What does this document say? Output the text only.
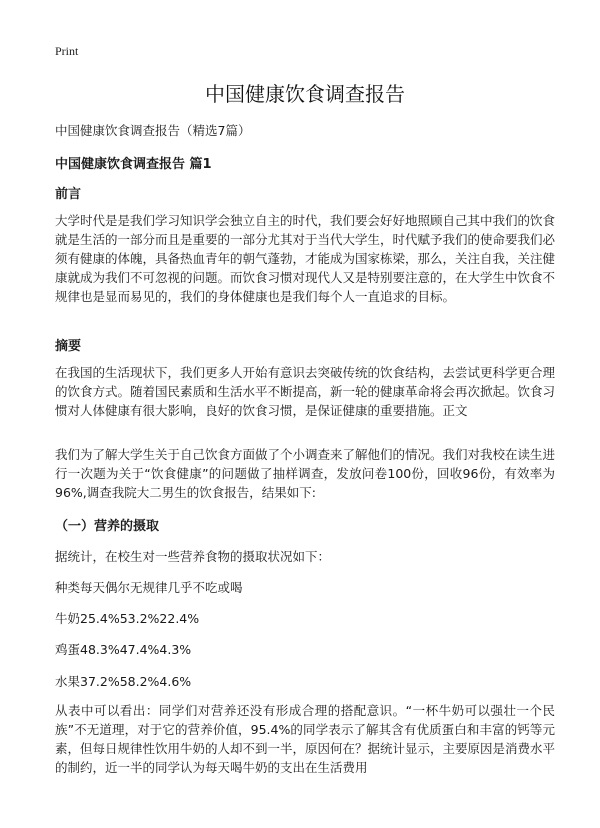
Print
中国健康饮食调查报告
中国健康饮食调查报告（精选7篇）
中国健康饮食调查报告 篇1
前言
大学时代是是我们学习知识学会独立自主的时代，我们要会好好地照顾自己其中我们的饮食就是生活的一部分而且是重要的一部分尤其对于当代大学生，时代赋予我们的使命要我们必须有健康的体魄，具备热血青年的朝气蓬勃，才能成为国家栋梁，那么，关注自我，关注健康就成为我们不可忽视的问题。而饮食习惯对现代人又是特别要注意的，在大学生中饮食不规律也是显而易见的，我们的身体健康也是我们每个人一直追求的目标。
摘要
在我国的生活现状下，我们更多人开始有意识去突破传统的饮食结构，去尝试更科学更合理的饮食方式。随着国民素质和生活水平不断提高，新一轮的健康革命将会再次掀起。饮食习惯对人体健康有很大影响，良好的饮食习惯，是保证健康的重要措施。正文
我们为了解大学生关于自己饮食方面做了个小调查来了解他们的情况。我们对我校在读生进行一次题为关于“饮食健康”的问题做了抽样调查，发放问卷100份，回收96份，有效率为96%,调查我院大二男生的饮食报告，结果如下:
（一）营养的摄取
据统计，在校生对一些营养食物的摄取状况如下：
种类每天偶尔无规律几乎不吃或喝
牛奶25.4%53.2%22.4%
鸡蛋48.3%47.4%4.3%
水果37.2%58.2%4.6%
从表中可以看出：同学们对营养还没有形成合理的搭配意识。“一杯牛奶可以强壮一个民族”不无道理，对于它的营养价值，95.4%的同学表示了解其含有优质蛋白和丰富的钙等元素，但每日规律性饮用牛奶的人却不到一半，原因何在？据统计显示，主要原因是消费水平的制约，近一半的同学认为每天喝牛奶的支出在生活费用
